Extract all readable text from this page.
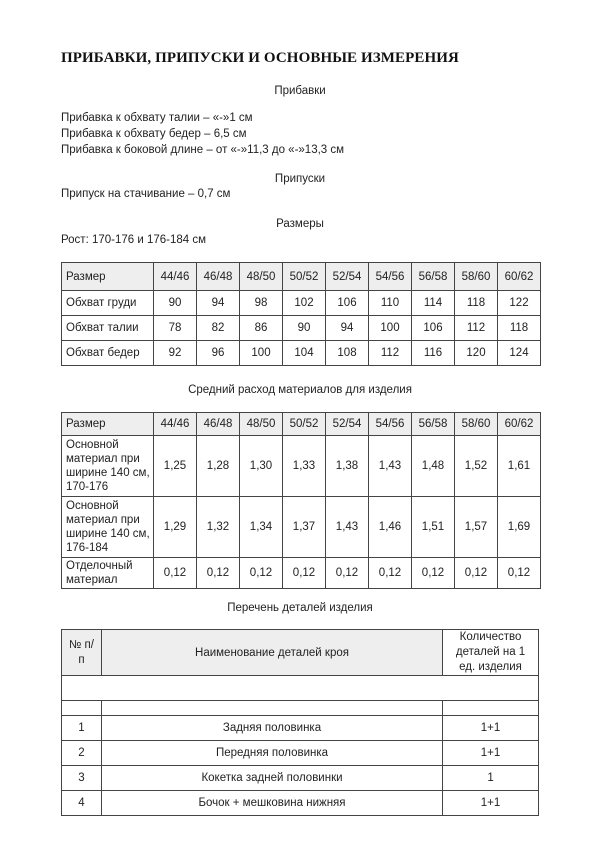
ПРИБАВКИ, ПРИПУСКИ И ОСНОВНЫЕ ИЗМЕРЕНИЯ
Прибавки
Прибавка к обхвату талии – «-»1 см
Прибавка к обхвату бедер – 6,5 см
Прибавка к боковой длине – от «-»11,3 до «-»13,3 см
Припуски
Припуск на стачивание – 0,7 см
Размеры
Рост: 170-176 и 176-184 см
Размер	44/46	46/48	48/50	50/52	52/54	54/56	56/58	58/60	60/62
Обхват груди	90	94	98	102	106	110	114	118	122
Обхват талии	78	82	86	90	94	100	106	112	118
Обхват бедер	92	96	100	104	108	112	116	120	124
Средний расход материалов для изделия
Размер	44/46	46/48	48/50	50/52	52/54	54/56	56/58	58/60	60/62
Основной материал при ширине 140 см, 170-176	1,25	1,28	1,30	1,33	1,38	1,43	1,48	1,52	1,61
Основной материал при ширине 140 см, 176-184	1,29	1,32	1,34	1,37	1,43	1,46	1,51	1,57	1,69
Отделочный материал	0,12	0,12	0,12	0,12	0,12	0,12	0,12	0,12	0,12
Перечень деталей изделия
№ п/п	Наименование деталей кроя	Количество деталей на 1 ед. изделия

1	Задняя половинка	1+1
2	Передняя половинка	1+1
3	Кокетка задней половинки	1
4	Бочок + мешковина нижняя	1+1
